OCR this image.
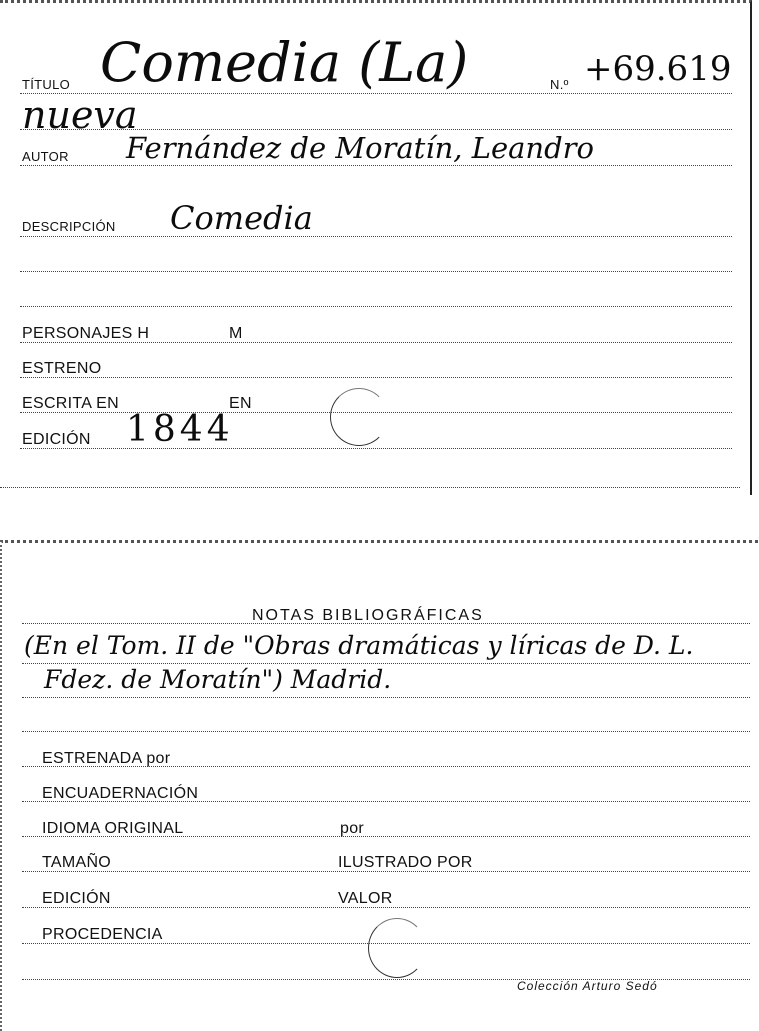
TÍTULO Comedia (La)	N.º +69.619
nueva
AUTOR Fernández de Moratín, Leandro
DESCRIPCIÓN Comedia
PERSONAJES H	M
ESTRENO
ESCRITA EN	EN
EDICIÓN 1844
NOTAS BIBLIOGRÁFICAS
(En el Tom. II de "Obras dramáticas y líricas de D. L.
Fdez. de Moratín") Madrid.
ESTRENADA por
ENCUADERNACIÓN
IDIOMA ORIGINAL	por
TAMAÑO	ILUSTRADO POR
EDICIÓN	VALOR
PROCEDENCIA
Colección Arturo Sedó
